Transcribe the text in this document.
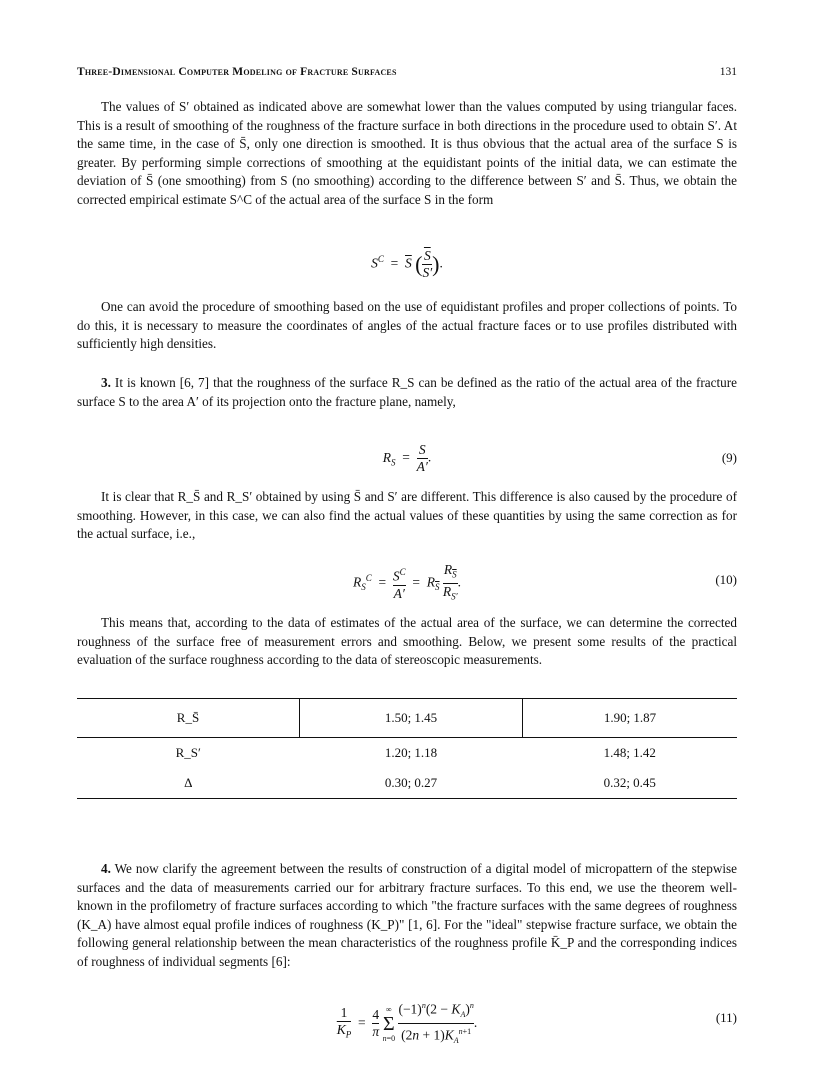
Three-Dimensional Computer Modeling of Fracture Surfaces	131

The values of S′ obtained as indicated above are somewhat lower than the values computed by using triangular faces. This is a result of smoothing of the roughness of the fracture surface in both directions in the procedure used to obtain S′. At the same time, in the case of S̄, only one direction is smoothed. It is thus obvious that the actual area of the surface S is greater. By performing simple corrections of smoothing at the equidistant points of the initial data, we can estimate the deviation of S̄ (one smoothing) from S (no smoothing) according to the difference between S′ and S̄. Thus, we obtain the corrected empirical estimate S^C of the actual area of the surface S in the form

$S^C = \overline{S}$ ( $\frac{\overline{S}}{S'}$ ).

One can avoid the procedure of smoothing based on the use of equidistant profiles and proper collections of points. To do this, it is necessary to measure the coordinates of angles of the actual fracture faces or to use profiles distributed with sufficiently high densities.

3. It is known [6, 7] that the roughness of the surface R_S can be defined as the ratio of the actual area of the fracture surface S to the area A′ of its projection onto the fracture plane, namely,

$R_S = \frac{S}{A'}$ .	(9)

It is clear that R_S̄ and R_S′ obtained by using S̄ and S′ are different. This difference is also caused by the procedure of smoothing. However, in this case, we can also find the actual values of these quantities by using the same correction as for the actual surface, i.e.,

$R_S^C = \frac{S^C}{A'} = R_{\overline{S}} \frac{R_{\overline{S}}}{R_{S'}}$ .	(10)

This means that, according to the data of estimates of the actual area of the surface, we can determine the corrected roughness of the surface free of measurement errors and smoothing. Below, we present some results of the practical evaluation of the surface roughness according to the data of stereoscopic measurements.

R_S̄	1.50; 1.45	1.90; 1.87
R_S′	1.20; 1.18	1.48; 1.42
Δ	0.30; 0.27	0.32; 0.45

4. We now clarify the agreement between the results of construction of a digital model of micropattern of the stepwise surfaces and the data of measurements carried our for arbitrary fracture surfaces. To this end, we use the theorem well-known in the profilometry of fracture surfaces according to which "the fracture surfaces with the same degrees of roughness (K_A) have almost equal profile indices of roughness (K_P)" [1, 6]. For the "ideal" stepwise fracture surface, we obtain the following general relationship between the mean characteristics of the roughness profile K̄_P and the corresponding indices of roughness of individual segments [6]:

$\frac{1}{\overline{K}_P} = \frac{4}{\pi}$
∞
Σ
n=0
$\frac{(-1)^n(2 - K_A)^n}{(2n + 1)K_A^{n+1}}$ .	(11)
